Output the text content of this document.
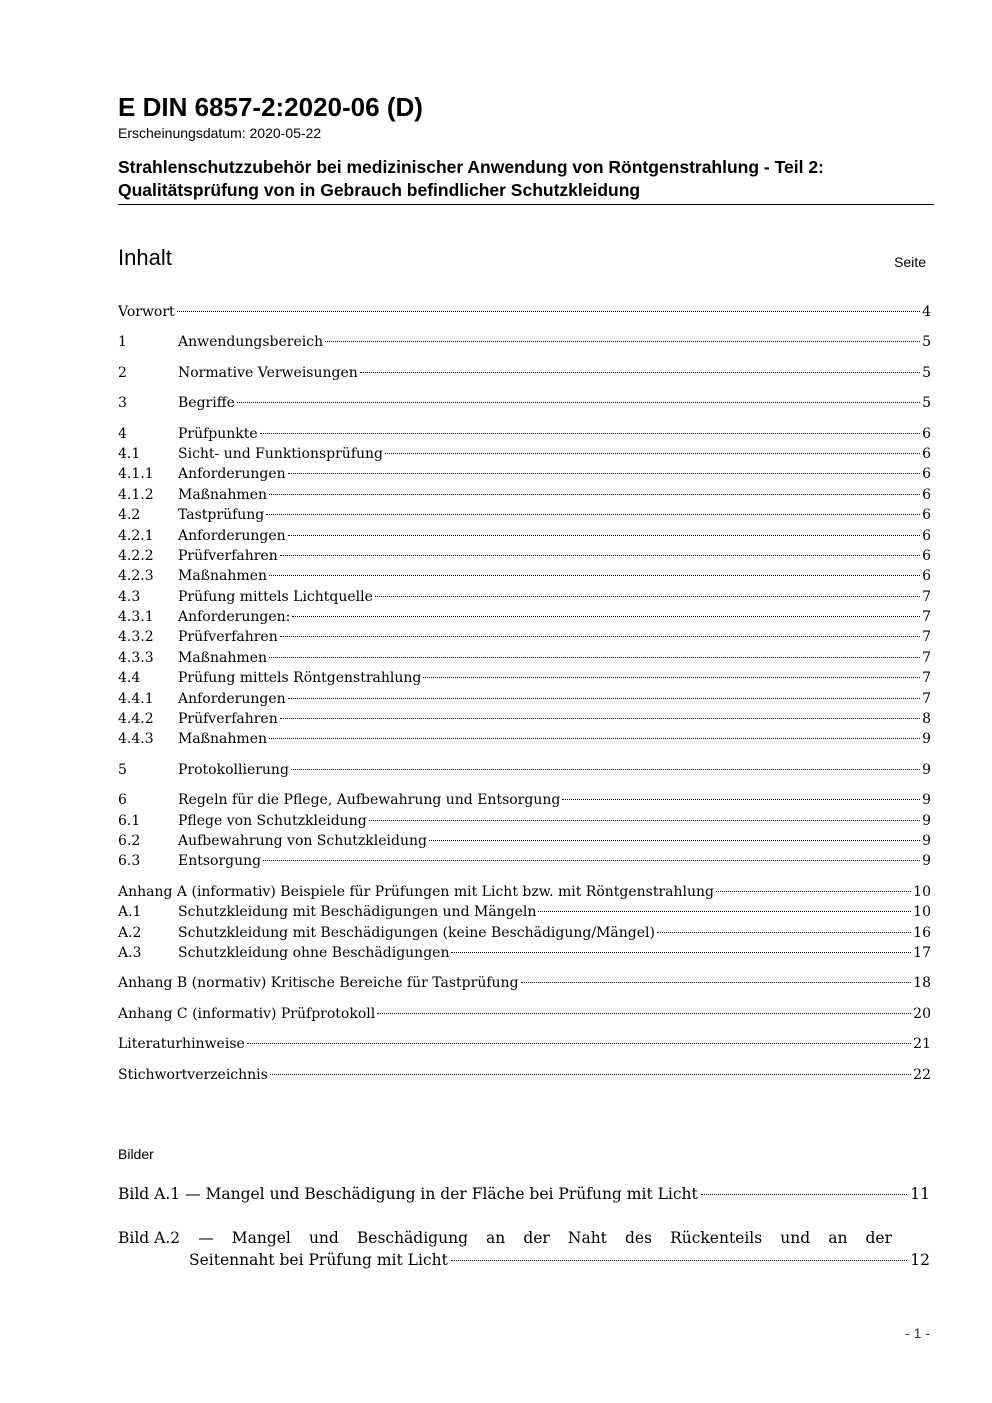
E DIN 6857-2:2020-06 (D)
Erscheinungsdatum: 2020-05-22
Strahlenschutzzubehör bei medizinischer Anwendung von Röntgenstrahlung - Teil 2: Qualitätsprüfung von in Gebrauch befindlicher Schutzkleidung
Inhalt	Seite
Vorwort	4
1	Anwendungsbereich	5
2	Normative Verweisungen	5
3	Begriffe	5
4	Prüfpunkte	6
4.1	Sicht- und Funktionsprüfung	6
4.1.1	Anforderungen	6
4.1.2	Maßnahmen	6
4.2	Tastprüfung	6
4.2.1	Anforderungen	6
4.2.2	Prüfverfahren	6
4.2.3	Maßnahmen	6
4.3	Prüfung mittels Lichtquelle	7
4.3.1	Anforderungen:	7
4.3.2	Prüfverfahren	7
4.3.3	Maßnahmen	7
4.4	Prüfung mittels Röntgenstrahlung	7
4.4.1	Anforderungen	7
4.4.2	Prüfverfahren	8
4.4.3	Maßnahmen	9
5	Protokollierung	9
6	Regeln für die Pflege, Aufbewahrung und Entsorgung	9
6.1	Pflege von Schutzkleidung	9
6.2	Aufbewahrung von Schutzkleidung	9
6.3	Entsorgung	9
Anhang A (informativ) Beispiele für Prüfungen mit Licht bzw. mit Röntgenstrahlung	10
A.1	Schutzkleidung mit Beschädigungen und Mängeln	10
A.2	Schutzkleidung mit Beschädigungen (keine Beschädigung/Mängel)	16
A.3	Schutzkleidung ohne Beschädigungen	17
Anhang B (normativ) Kritische Bereiche für Tastprüfung	18
Anhang C (informativ) Prüfprotokoll	20
Literaturhinweise	21
Stichwortverzeichnis	22
Bilder
Bild A.1 — Mangel und Beschädigung in der Fläche bei Prüfung mit Licht	11
Bild A.2 — Mangel und Beschädigung an der Naht des Rückenteils und an der
Seitennaht bei Prüfung mit Licht	12
- 1 -
